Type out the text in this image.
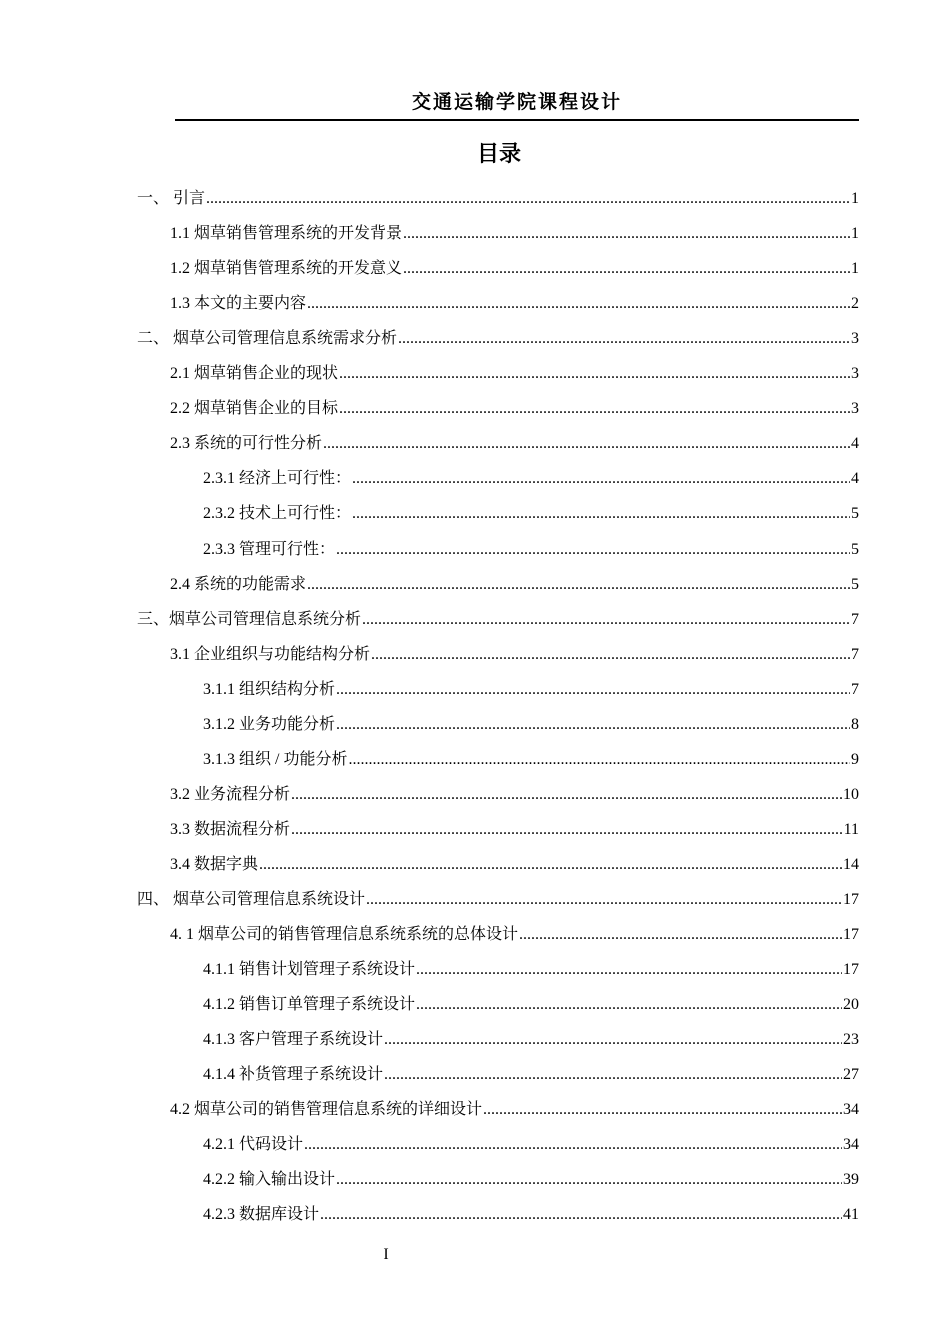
交通运输学院课程设计
目录
一、 引言 .....	1
1.1 烟草销售管理系统的开发背景 .....	1
1.2 烟草销售管理系统的开发意义 .....	1
1.3 本文的主要内容 .....	2
二、 烟草公司管理信息系统需求分析 .....	3
2.1 烟草销售企业的现状 .....	3
2.2 烟草销售企业的目标 .....	3
2.3 系统的可行性分析 .....	4
2.3.1 经济上可行性： .....	4
2.3.2 技术上可行性： .....	5
2.3.3 管理可行性： .....	5
2.4 系统的功能需求 .....	5
三、烟草公司管理信息系统分析 .....	7
3.1 企业组织与功能结构分析 .....	7
3.1.1 组织结构分析 .....	7
3.1.2 业务功能分析 .....	8
3.1.3 组织 / 功能分析 .....	9
3.2 业务流程分析 .....	10
3.3 数据流程分析 .....	11
3.4 数据字典 .....	14
四、 烟草公司管理信息系统设计 .....	17
4. 1 烟草公司的销售管理信息系统系统的总体设计 .....	17
4.1.1 销售计划管理子系统设计 .....	17
4.1.2 销售订单管理子系统设计 .....	20
4.1.3 客户管理子系统设计 .....	23
4.1.4 补货管理子系统设计 .....	27
4.2 烟草公司的销售管理信息系统的详细设计 .....	34
4.2.1 代码设计 .....	34
4.2.2 输入输出设计 .....	39
4.2.3 数据库设计 .....	41
I
